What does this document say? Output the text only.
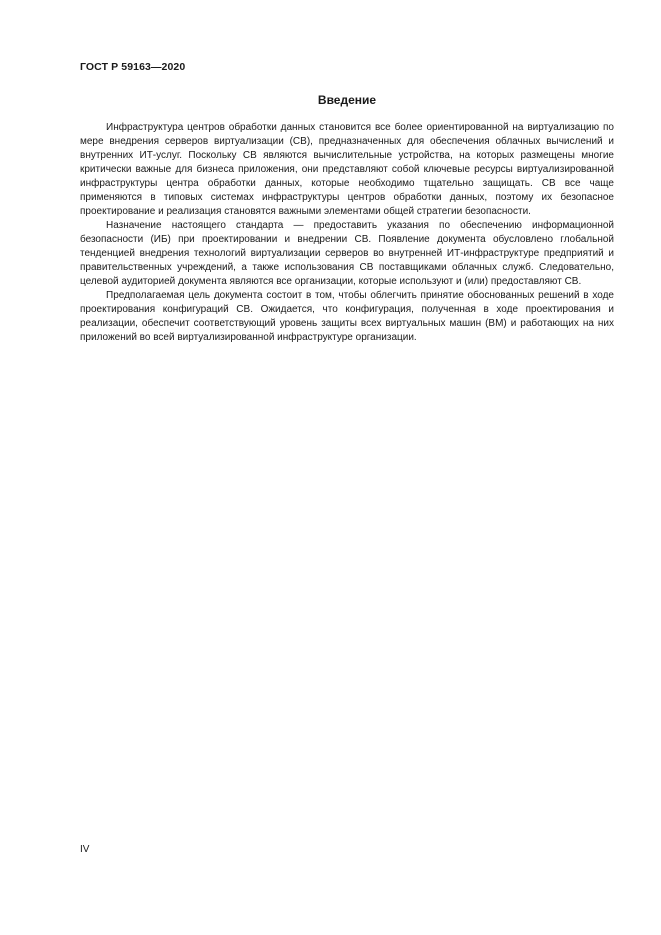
ГОСТ Р 59163—2020
Введение

Инфраструктура центров обработки данных становится все более ориентированной на виртуализацию по мере внедрения серверов виртуализации (СВ), предназначенных для обеспечения облачных вычислений и внутренних ИТ-услуг. Поскольку СВ являются вычислительные устройства, на которых размещены многие критически важные для бизнеса приложения, они представляют собой ключевые ресурсы виртуализированной инфраструктуры центра обработки данных, которые необходимо тщательно защищать. СВ все чаще применяются в типовых системах инфраструктуры центров обработки данных, поэтому их безопасное проектирование и реализация становятся важными элементами общей стратегии безопасности.

Назначение настоящего стандарта — предоставить указания по обеспечению информационной безопасности (ИБ) при проектировании и внедрении СВ. Появление документа обусловлено глобальной тенденцией внедрения технологий виртуализации серверов во внутренней ИТ-инфраструктуре предприятий и правительственных учреждений, а также использования СВ поставщиками облачных служб. Следовательно, целевой аудиторией документа являются все организации, которые используют и (или) предоставляют СВ.

Предполагаемая цель документа состоит в том, чтобы облегчить принятие обоснованных решений в ходе проектирования конфигураций СВ. Ожидается, что конфигурация, полученная в ходе проектирования и реализации, обеспечит соответствующий уровень защиты всех виртуальных машин (ВМ) и работающих на них приложений во всей виртуализированной инфраструктуре организации.

IV
